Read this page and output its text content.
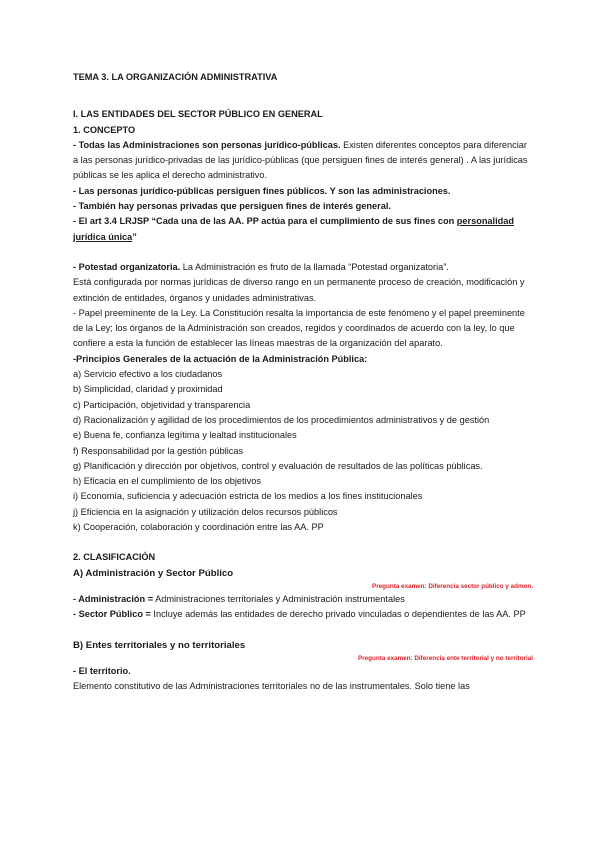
TEMA 3. LA ORGANIZACIÓN ADMINISTRATIVA
I. LAS ENTIDADES DEL SECTOR PÚBLICO EN GENERAL
1. CONCEPTO
- Todas las Administraciones son personas jurídico-públicas. Existen diferentes conceptos para diferenciar a las personas jurídico-privadas de las jurídico-públicas (que persiguen fines de interés general) . A las jurídicas públicas se les aplica el derecho administrativo.
- Las personas jurídico-públicas persiguen fines públicos. Y son las administraciones.
- También hay personas privadas que persiguen fines de interés general.
- El art 3.4 LRJSP “Cada una de las AA. PP actúa para el cumplimiento de sus fines con personalidad jurídica única”
- Potestad organizatoria. La Administración es fruto de la llamada “Potestad organizatoria”.
Está configurada por normas jurídicas de diverso rango en un permanente proceso de creación, modificación y extinción de entidades, órganos y unidades administrativas.
- Papel preeminente de la Ley. La Constitución resalta la importancia de este fenómeno y el papel preeminente de la Ley; los órganos de la Administración son creados, regidos y coordinados de acuerdo con la ley, lo que confiere a esta la función de establecer las líneas maestras de la organización del aparato.
-Principios Generales de la actuación de la Administración Pública:
a) Servicio efectivo a los ciudadanos
b) Simplicidad, claridad y proximidad
c) Participación, objetividad y transparencia
d) Racionalización y agilidad de los procedimientos de los procedimientos administrativos y de gestión
e) Buena fe, confianza legítima y lealtad institucionales
f) Responsabilidad por la gestión públicas
g) Planificación y dirección por objetivos, control y evaluación de resultados de las políticas públicas.
h) Eficacia en el cumplimiento de los objetivos
i) Economía, suficiencia y adecuación estricta de los medios a los fines institucionales
j) Eficiencia en la asignación y utilización delos recursos públicos
k) Cooperación, colaboración y coordinación entre las AA. PP
2. CLASIFICACIÓN
A) Administración y Sector Público
Pregunta examen: Diferencia sector público y admon.
- Administración = Administraciones territoriales y Administración instrumentales
- Sector Público = Incluye además las entidades de derecho privado vinculadas o dependientes de las AA. PP
B) Entes territoriales y no territoriales
Pregunta examen: Diferencia ente territorial y no territorial
- El territorio.
Elemento constitutivo de las Administraciones territoriales no de las instrumentales. Solo tiene las
